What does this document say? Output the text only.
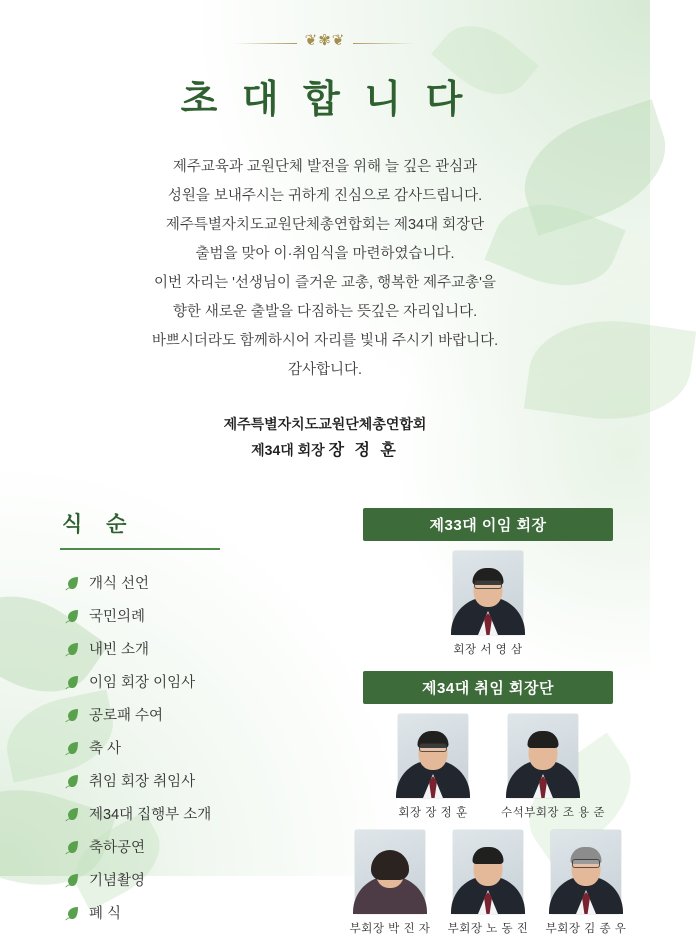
❦✾❦
초 대 합 니 다

제주교육과 교원단체 발전을 위해 늘 깊은 관심과

성원을 보내주시는 귀하게 진심으로 감사드립니다.

제주특별자치도교원단체총연합회는 제34대 회장단

출범을 맞아 이·취임식을 마련하였습니다.

이번 자리는 '선생님이 즐거운 교총, 행복한 제주교총'을

향한 새로운 출발을 다짐하는 뜻깊은 자리입니다.

바쁘시더라도 함께하시어 자리를 빛내 주시기 바랍니다.

감사합니다.

제주특별자치도교원단체총연합회
제34대 회장 장 정 훈
식 순
개식 선언
국민의례
내빈 소개
이임 회장 이임사
공로패 수여
축 사
취임 회장 취임사
제34대 집행부 소개
축하공연
기념촬영
폐 식
제33대 이임 회장
회장 서 영 삼
제34대 취임 회장단
회장 장 정 훈	수석부회장 조 용 준
부회장 박 진 자 부회장 노 동 진 부회장 김 종 우
